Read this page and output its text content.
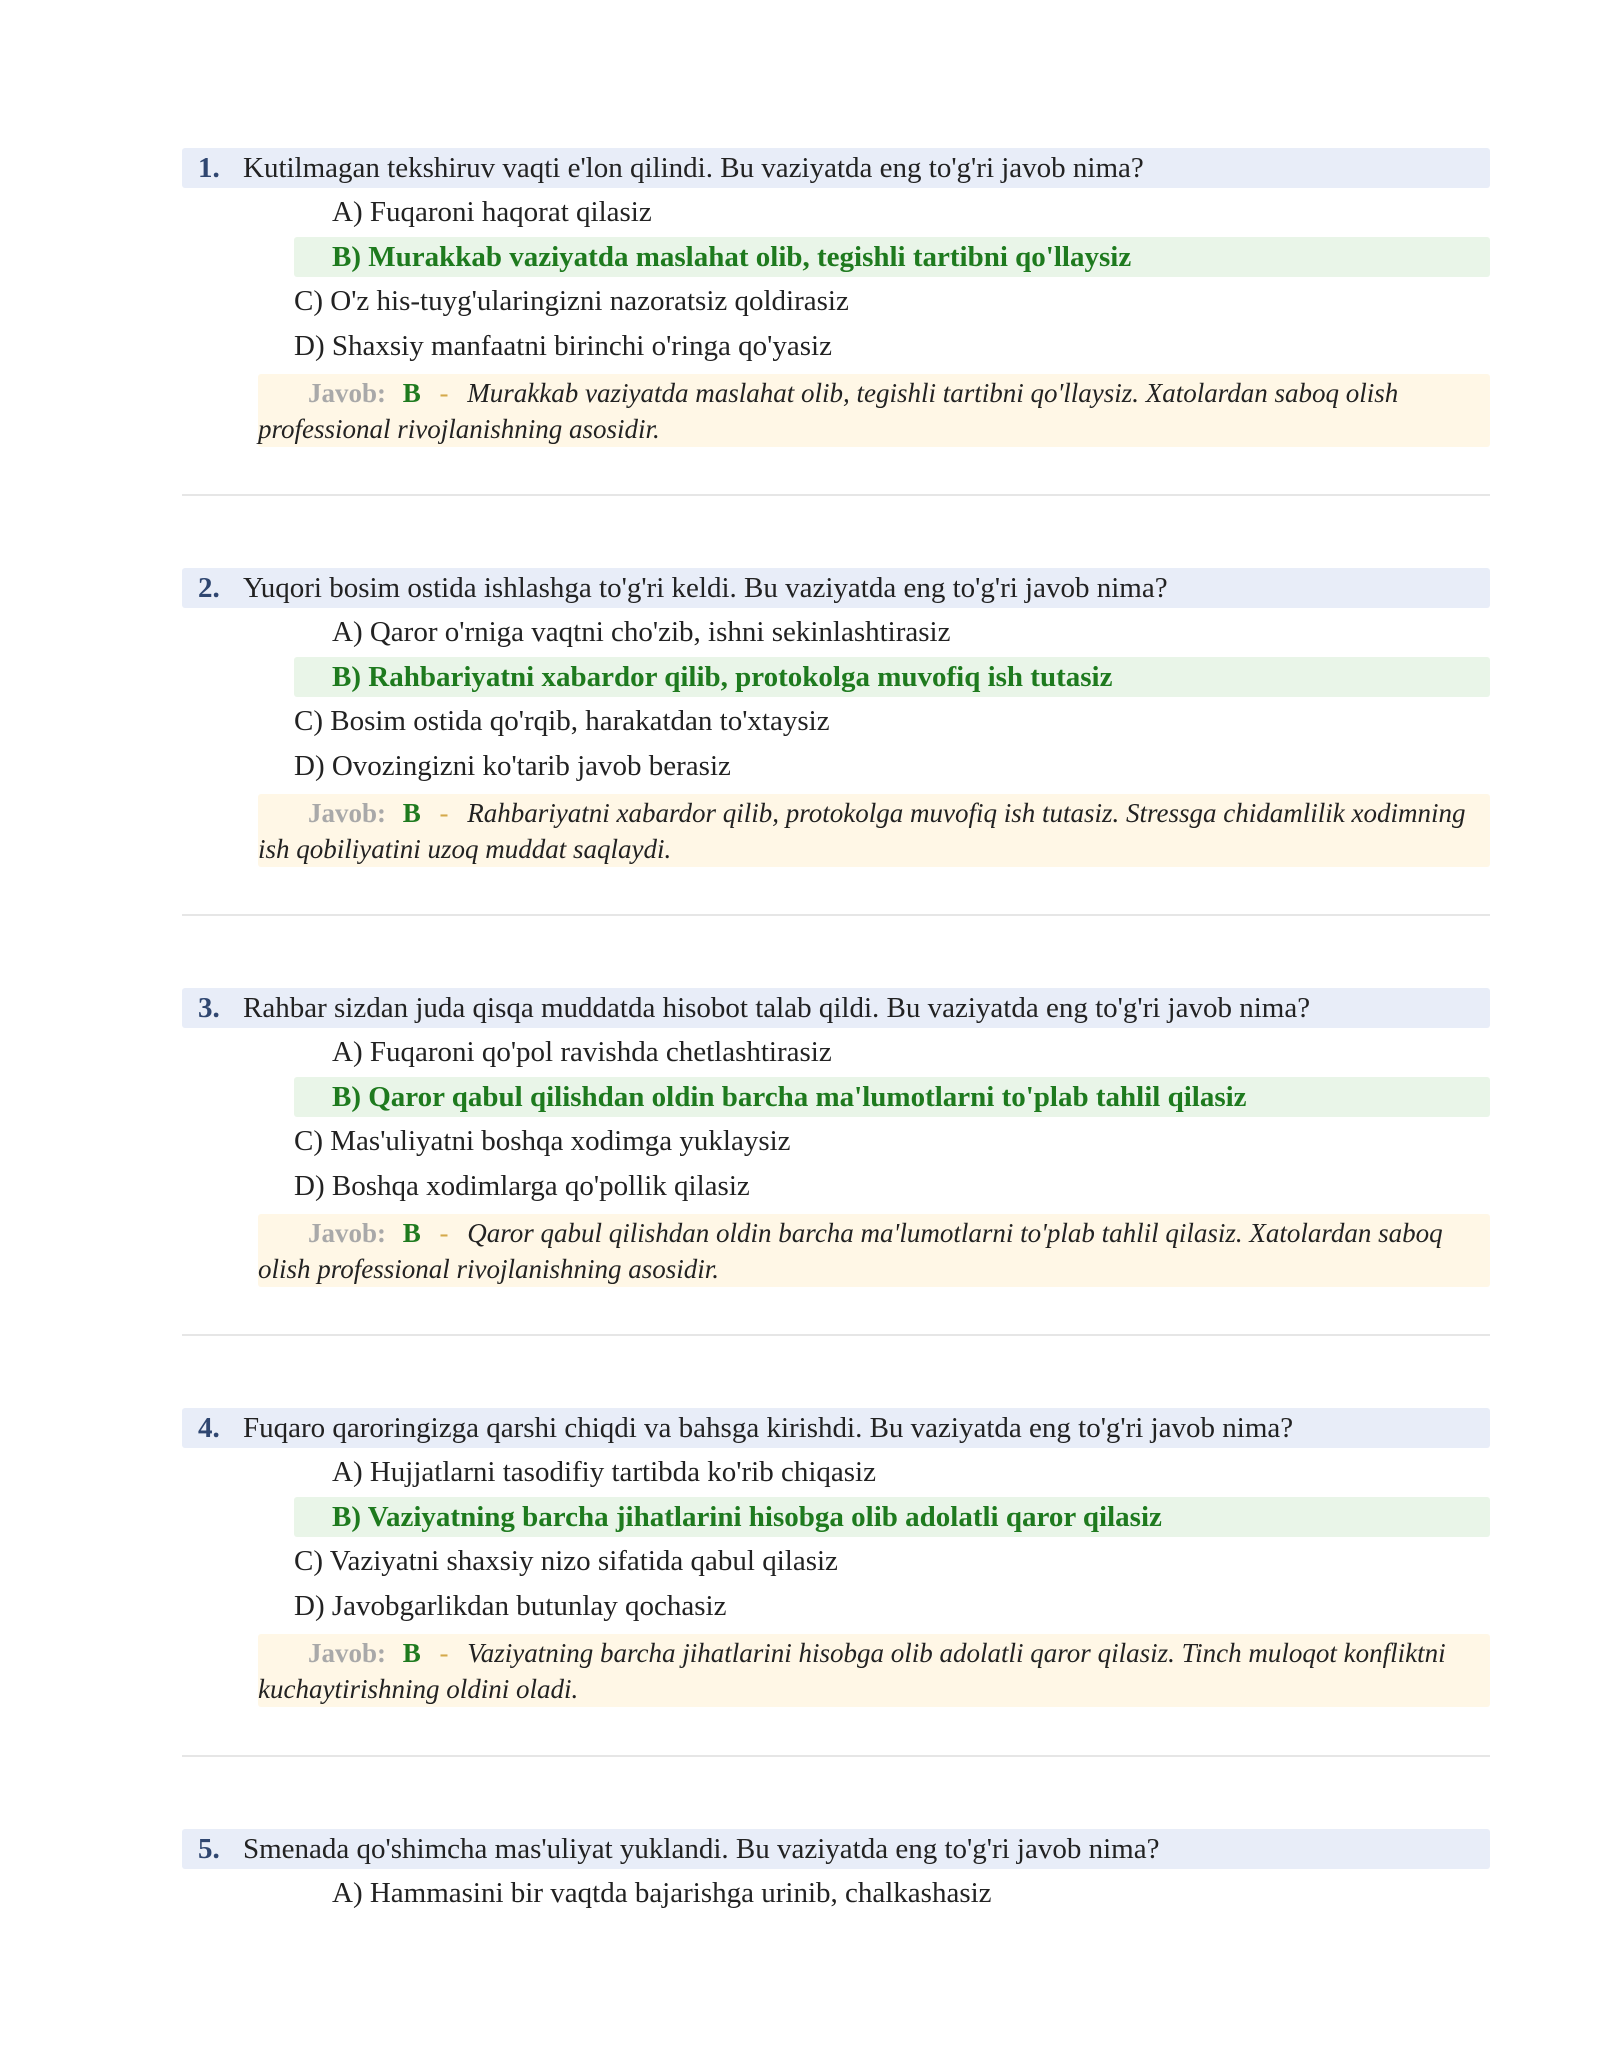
1. Kutilmagan tekshiruv vaqti e'lon qilindi. Bu vaziyatda eng to'g'ri javob nima?
A) Fuqaroni haqorat qilasiz
B) Murakkab vaziyatda maslahat olib, tegishli tartibni qo'llaysiz
C) O'z his-tuyg'ularingizni nazoratsiz qoldirasiz
D) Shaxsiy manfaatni birinchi o'ringa qo'yasiz
Javob: B - Murakkab vaziyatda maslahat olib, tegishli tartibni qo'llaysiz. Xatolardan saboq olish professional rivojlanishning asosidir.
2. Yuqori bosim ostida ishlashga to'g'ri keldi. Bu vaziyatda eng to'g'ri javob nima?
A) Qaror o'rniga vaqtni cho'zib, ishni sekinlashtirasiz
B) Rahbariyatni xabardor qilib, protokolga muvofiq ish tutasiz
C) Bosim ostida qo'rqib, harakatdan to'xtaysiz
D) Ovozingizni ko'tarib javob berasiz
Javob: B - Rahbariyatni xabardor qilib, protokolga muvofiq ish tutasiz. Stressga chidamlilik xodimning ish qobiliyatini uzoq muddat saqlaydi.
3. Rahbar sizdan juda qisqa muddatda hisobot talab qildi. Bu vaziyatda eng to'g'ri javob nima?
A) Fuqaroni qo'pol ravishda chetlashtirasiz
B) Qaror qabul qilishdan oldin barcha ma'lumotlarni to'plab tahlil qilasiz
C) Mas'uliyatni boshqa xodimga yuklaysiz
D) Boshqa xodimlarga qo'pollik qilasiz
Javob: B - Qaror qabul qilishdan oldin barcha ma'lumotlarni to'plab tahlil qilasiz. Xatolardan saboq olish professional rivojlanishning asosidir.
4. Fuqaro qaroringizga qarshi chiqdi va bahsga kirishdi. Bu vaziyatda eng to'g'ri javob nima?
A) Hujjatlarni tasodifiy tartibda ko'rib chiqasiz
B) Vaziyatning barcha jihatlarini hisobga olib adolatli qaror qilasiz
C) Vaziyatni shaxsiy nizo sifatida qabul qilasiz
D) Javobgarlikdan butunlay qochasiz
Javob: B - Vaziyatning barcha jihatlarini hisobga olib adolatli qaror qilasiz. Tinch muloqot konfliktni kuchaytirishning oldini oladi.
5. Smenada qo'shimcha mas'uliyat yuklandi. Bu vaziyatda eng to'g'ri javob nima?
A) Hammasini bir vaqtda bajarishga urinib, chalkashasiz
